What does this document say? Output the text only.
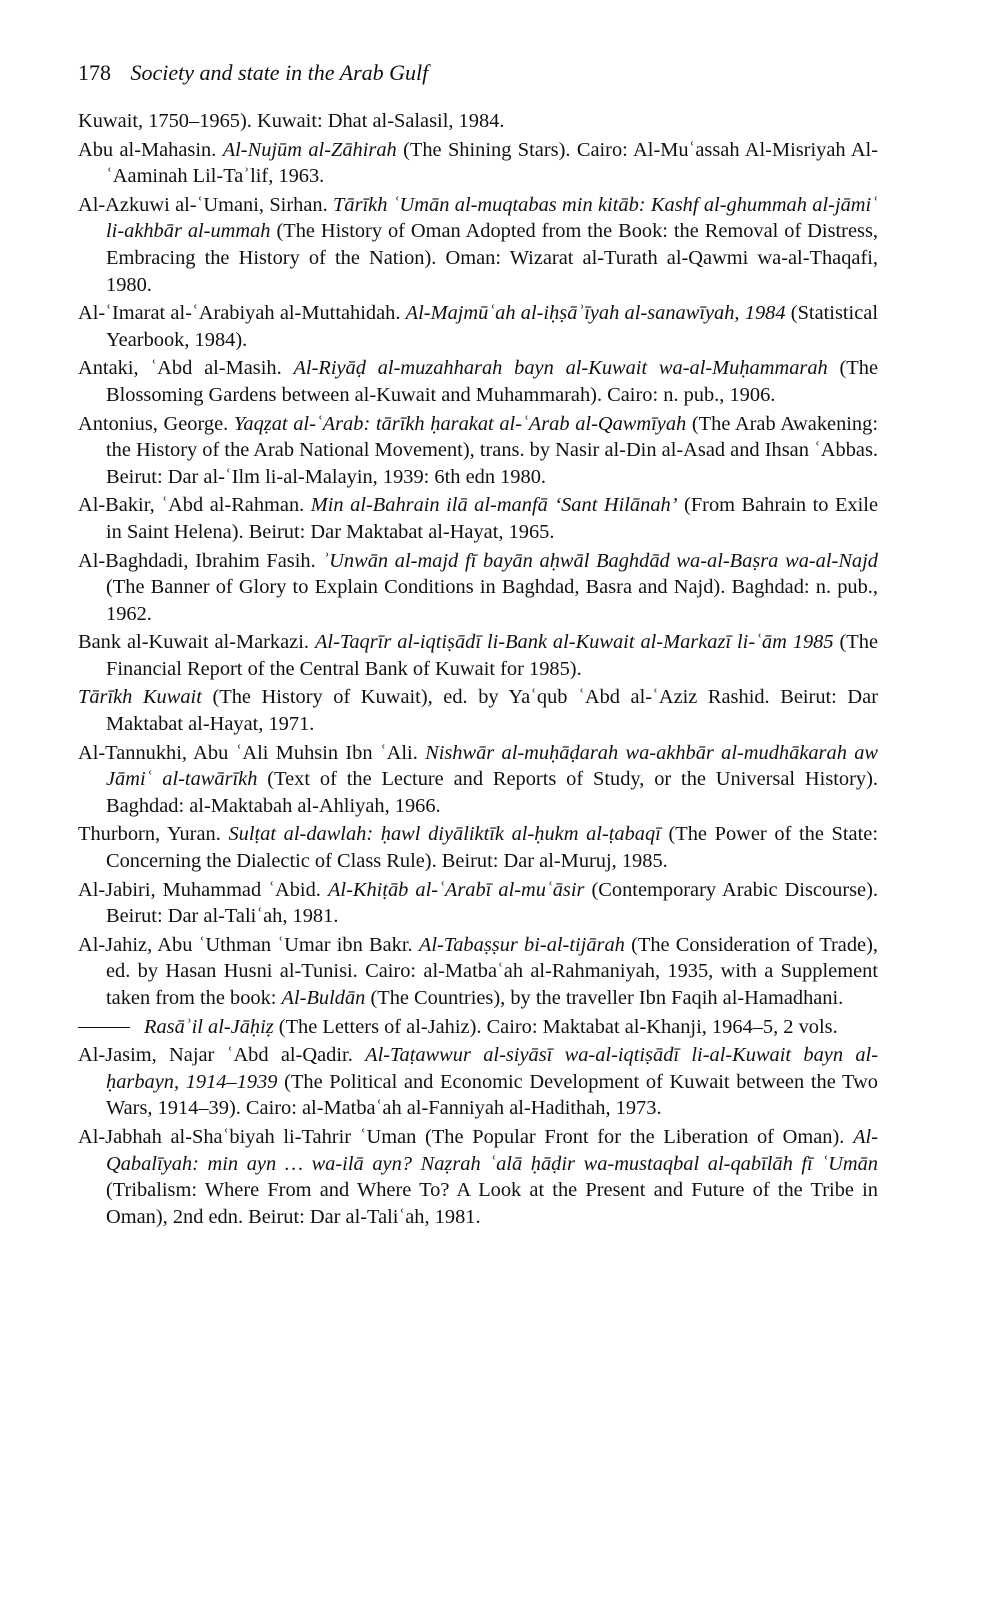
178 Society and state in the Arab Gulf

Kuwait, 1750–1965). Kuwait: Dhat al-Salasil, 1984.

Abu al-Mahasin. Al-Nujūm al-Zāhirah (The Shining Stars). Cairo: Al-Muʿassah Al-Misriyah Al-ʿAaminah Lil-Taʾlif, 1963.

Al-Azkuwi al-ʿUmani, Sirhan. Tārīkh ʿUmān al-muqtabas min kitāb: Kashf al-ghummah al-jāmiʿ li-akhbār al-ummah (The History of Oman Adopted from the Book: the Removal of Distress, Embracing the History of the Nation). Oman: Wizarat al-Turath al-Qawmi wa-al-Thaqafi, 1980.

Al-ʿImarat al-ʿArabiyah al-Muttahidah. Al-Majmūʿah al-iḥṣāʾīyah al-sanawīyah, 1984 (Statistical Yearbook, 1984).

Antaki, ʿAbd al-Masih. Al-Riyāḍ al-muzahharah bayn al-Kuwait wa-al-Muḥammarah (The Blossoming Gardens between al-Kuwait and Muhammarah). Cairo: n. pub., 1906.

Antonius, George. Yaqẓat al-ʿArab: tārīkh ḥarakat al-ʿArab al-Qawmīyah (The Arab Awakening: the History of the Arab National Movement), trans. by Nasir al-Din al-Asad and Ihsan ʿAbbas. Beirut: Dar al-ʿIlm li-al-Malayin, 1939: 6th edn 1980.

Al-Bakir, ʿAbd al-Rahman. Min al-Bahrain ilā al-manfā ‘Sant Hilānah’ (From Bahrain to Exile in Saint Helena). Beirut: Dar Maktabat al-Hayat, 1965.

Al-Baghdadi, Ibrahim Fasih. ʾUnwān al-majd fī bayān aḥwāl Baghdād wa-al-Baṣra wa-al-Najd (The Banner of Glory to Explain Conditions in Baghdad, Basra and Najd). Baghdad: n. pub., 1962.

Bank al-Kuwait al-Markazi. Al-Taqrīr al-iqtiṣādī li-Bank al-Kuwait al-Markazī li-ʿām 1985 (The Financial Report of the Central Bank of Kuwait for 1985).

Tārīkh Kuwait (The History of Kuwait), ed. by Yaʿqub ʿAbd al-ʿAziz Rashid. Beirut: Dar Maktabat al-Hayat, 1971.

Al-Tannukhi, Abu ʿAli Muhsin Ibn ʿAli. Nishwār al-muḥāḍarah wa-akhbār al-mudhākarah aw Jāmiʿ al-tawārīkh (Text of the Lecture and Reports of Study, or the Universal History). Baghdad: al-Maktabah al-Ahliyah, 1966.

Thurborn, Yuran. Sulṭat al-dawlah: ḥawl diyāliktīk al-ḥukm al-ṭabaqī (The Power of the State: Concerning the Dialectic of Class Rule). Beirut: Dar al-Muruj, 1985.

Al-Jabiri, Muhammad ʿAbid. Al-Khiṭāb al-ʿArabī al-muʿāsir (Contemporary Arabic Discourse). Beirut: Dar al-Taliʿah, 1981.

Al-Jahiz, Abu ʿUthman ʿUmar ibn Bakr. Al-Tabaṣṣur bi-al-tijārah (The Consideration of Trade), ed. by Hasan Husni al-Tunisi. Cairo: al-Matbaʿah al-Rahmaniyah, 1935, with a Supplement taken from the book: Al-Buldān (The Countries), by the traveller Ibn Faqih al-Hamadhani.

Rasāʾil al-Jāḥiẓ (The Letters of al-Jahiz). Cairo: Maktabat al-Khanji, 1964–5, 2 vols.

Al-Jasim, Najar ʿAbd al-Qadir. Al-Taṭawwur al-siyāsī wa-al-iqtiṣādī li-al-Kuwait bayn al-ḥarbayn, 1914–1939 (The Political and Economic Development of Kuwait between the Two Wars, 1914–39). Cairo: al-Matbaʿah al-Fanniyah al-Hadithah, 1973.

Al-Jabhah al-Shaʿbiyah li-Tahrir ʿUman (The Popular Front for the Liberation of Oman). Al-Qabalīyah: min ayn … wa-ilā ayn? Naẓrah ʿalā ḥāḍir wa-mustaqbal al-qabīlāh fī ʿUmān (Tribalism: Where From and Where To? A Look at the Present and Future of the Tribe in Oman), 2nd edn. Beirut: Dar al-Taliʿah, 1981.
